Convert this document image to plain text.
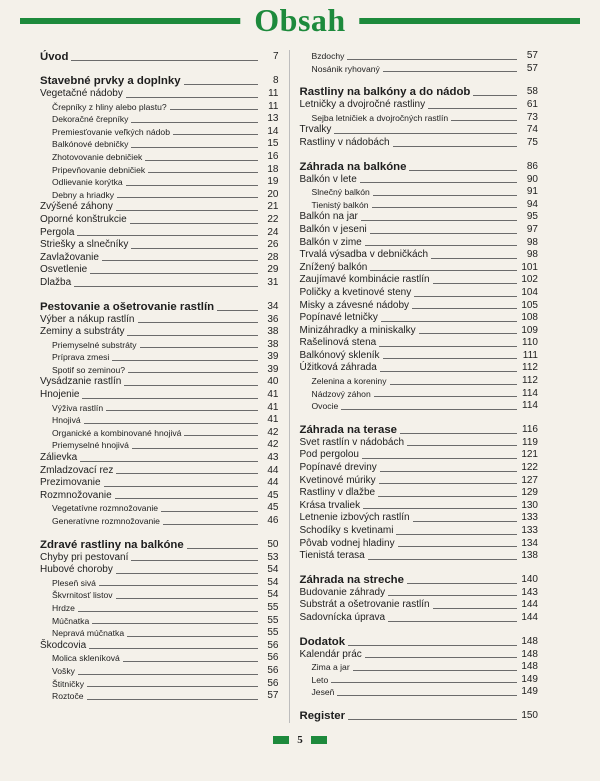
Obsah
Úvod	7
Stavebné prvky a doplnky	8
Vegetačné nádoby	11
Črepníky z hliny alebo plastu?	11
Dekoračné črepníky	13
Premiesťovanie veľkých nádob	14
Balkónové debničky	15
Zhotovovanie debničiek	16
Pripevňovanie debničiek	18
Odlievanie korýtka	19
Debny a hriadky	20
Zvýšené záhony	21
Oporné konštrukcie	22
Pergola	24
Striešky a slnečníky	26
Zavlažovanie	28
Osvetlenie	29
Dlažba	31
Pestovanie a ošetrovanie rastlín	34
Výber a nákup rastlín	36
Zeminy a substráty	38
Priemyselné substráty	38
Príprava zmesi	39
Spotif so zeminou?	39
Vysádzanie rastlín	40
Hnojenie	41
Výživa rastlín	41
Hnojivá	41
Organické a kombinované hnojivá	42
Priemyselné hnojivá	42
Zálievka	43
Zmladzovací rez	44
Prezimovanie	44
Rozmnožovanie	45
Vegetatívne rozmnožovanie	45
Generatívne rozmnožovanie	46
Zdravé rastliny na balkóne	50
Chyby pri pestovaní	53
Hubové choroby	54
Pleseň sivá	54
Škvrnitosť listov	54
Hrdze	55
Múčnatka	55
Nepravá múčnatka	55
Škodcovia	56
Molica skleníková	56
Vošky	56
Štitničky	56
Roztoče	57
Bzdochy	57
Nosánik ryhovaný	57
Rastliny na balkóny a do nádob	58
Letničky a dvojročné rastliny	61
Sejba letničiek a dvojročných rastlín	73
Trvalky	74
Rastliny v nádobách	75
Záhrada na balkóne	86
Balkón v lete	90
Slnečný balkón	91
Tienistý balkón	94
Balkón na jar	95
Balkón v jeseni	97
Balkón v zime	98
Trvalá výsadba v debničkách	98
Znížený balkón	101
Zaujímavé kombinácie rastlín	102
Poličky a kvetinové steny	104
Misky a závesné nádoby	105
Popínavé letničky	108
Minizáhradky a miniskalky	109
Rašelinová stena	110
Balkónový skleník	111
Úžitková záhrada	112
Zelenina a koreniny	112
Nádzový záhon	114
Ovocie	114
Záhrada na terase	116
Svet rastlín v nádobách	119
Pod pergolou	121
Popínavé dreviny	122
Kvetinové múriky	127
Rastliny v dlažbe	129
Krása trvaliek	130
Letnenie izbových rastlín	133
Schodíky s kvetinami	133
Pôvab vodnej hladiny	134
Tienistá terasa	138
Záhrada na streche	140
Budovanie záhrady	143
Substrát a ošetrovanie rastlín	144
Sadovnícka úprava	144
Dodatok	148
Kalendár prác	148
Zima a jar	148
Leto	149
Jeseň	149
Register	150
5
